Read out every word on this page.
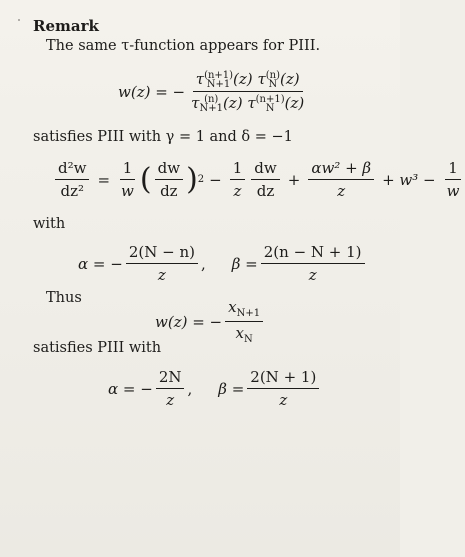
Remark
The same τ-function appears for PIII.
w(z) = − τ (n+1)
N+1 (z) τ (n)
N (z)
τ (n)
N+1 (z) τ (n+1)
N (z)
satisfies PIII with γ = 1 and δ = −1
$\frac{\text{d²w}}{\text{dz²}} = \frac{1}{w}$ ( $\frac{dw}{dz}$ ) $2 - \frac{1}{z} \frac{dw}{dz} + \frac{\text{αw² + β}}{z} + w^3 - \frac{1}{w}$
with
α = − $\frac{2(N - n)}{z}$ , $\beta = \frac{2(n - N + 1)}{z}$
Thus
w(z) = − $\frac{x_{N+1}}{x_N}$
satisfies PIII with
α = − $\frac{2N}{z}$ , $\beta = \frac{2(N + 1)}{z}$
